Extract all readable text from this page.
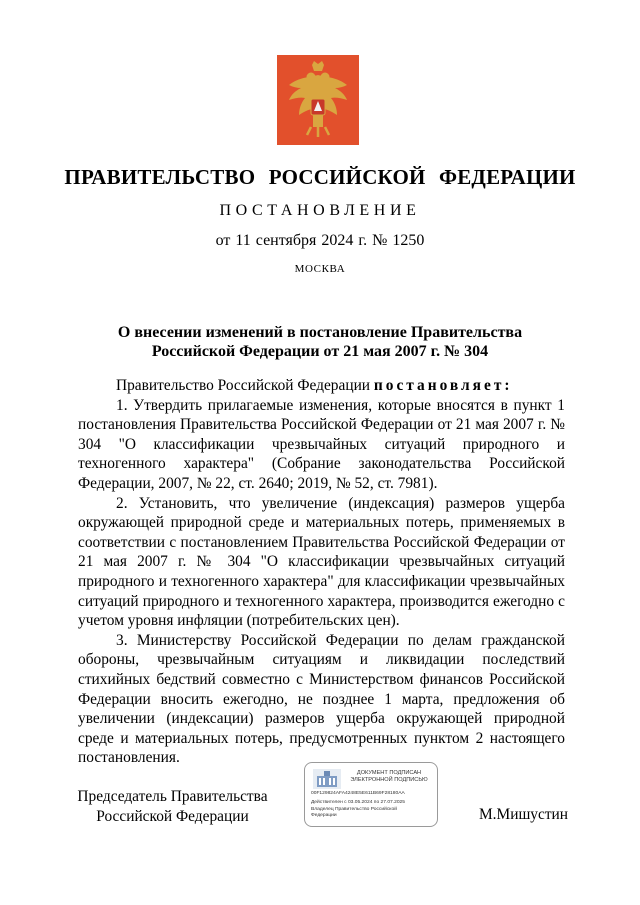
ПРАВИТЕЛЬСТВО РОССИЙСКОЙ ФЕДЕРАЦИИ
ПОСТАНОВЛЕНИЕ
от 11 сентября 2024 г. № 1250
МОСКВА
О внесении изменений в постановление Правительства
Российской Федерации от 21 мая 2007 г. № 304

Правительство Российской Федерации постановляет:

1. Утвердить прилагаемые изменения, которые вносятся в пункт 1 постановления Правительства Российской Федерации от 21 мая 2007 г. № 304 "О классификации чрезвычайных ситуаций природного и техногенного характера" (Собрание законодательства Российской Федерации, 2007, № 22, ст. 2640; 2019, № 52, ст. 7981).

2. Установить, что увеличение (индексация) размеров ущерба окружающей природной среде и материальных потерь, применяемых в соответствии с постановлением Правительства Российской Федерации от 21 мая 2007 г. № 304 "О классификации чрезвычайных ситуаций природного и техногенного характера" для классификации чрезвычайных ситуаций природного и техногенного характера, производится ежегодно с учетом уровня инфляции (потребительских цен).

3. Министерству Российской Федерации по делам гражданской обороны, чрезвычайным ситуациям и ликвидации последствий стихийных бедствий совместно с Министерством финансов Российской Федерации вносить ежегодно, не позднее 1 марта, предложения об увеличении (индексации) размеров ущерба окружающей природной среде и материальных потерь, предусмотренных пунктом 2 настоящего постановления.

Председатель Правительства
Российской Федерации
ДОКУМЕНТ ПОДПИСАН
ЭЛЕКТРОННОЙ ПОДПИСЬЮ
00F129824AFA4248E5E611B69F28180AA
Действителен с 03.05.2024 по 27.07.2025
Владелец Правительство Российской
Федерации	М.Мишустин
